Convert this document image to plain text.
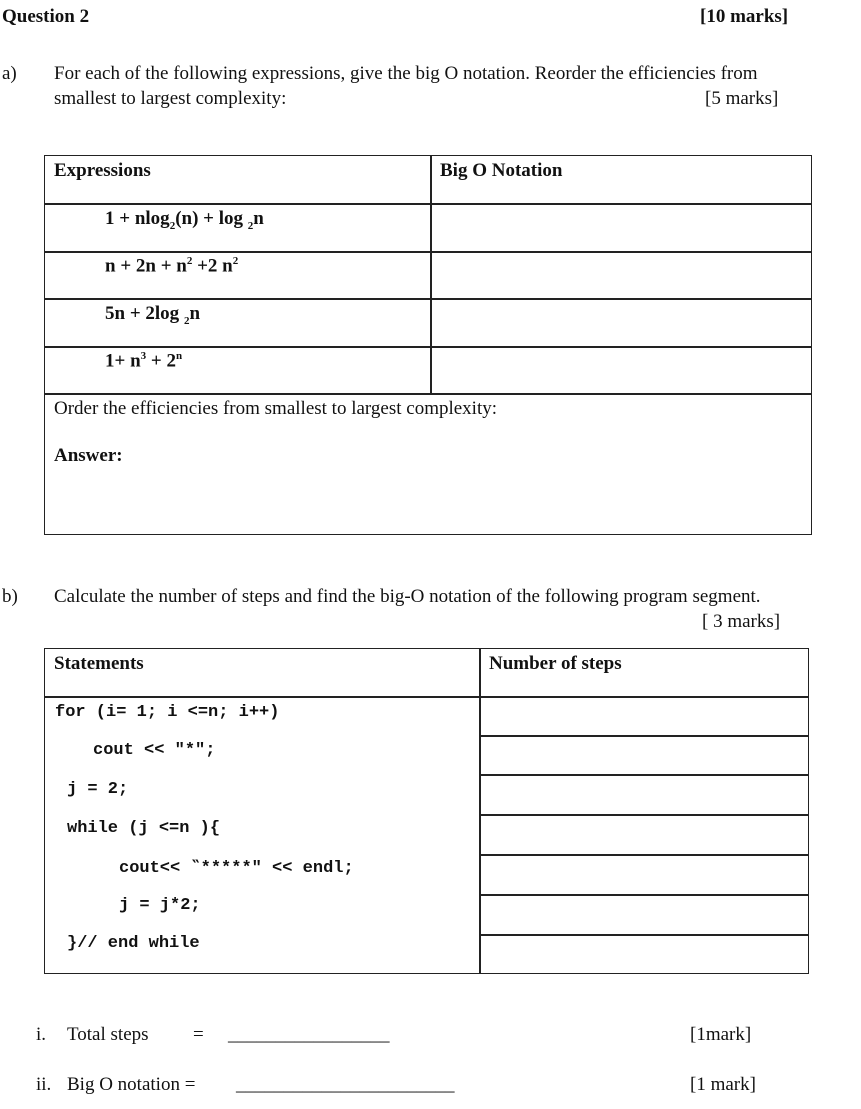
Question 2	[10 marks]
a) For each of the following expressions, give the big O notation. Reorder the efficiencies from
smallest to largest complexity:	[5 marks]
Expressions	Big O Notation
1 + nlog$_2$(n) + log $_2$n
$n + 2n + n^2 +2$ $n^2$
5n + 2log $_2$n
$1+ n^3 + 2^n$
Order the efficiencies from smallest to largest complexity:
Answer:
b) Calculate the number of steps and find the big-O notation of the following program segment.
[ 3 marks]
Statements	Number of steps
for (i= 1; i <=n; i++)
cout << ″*″;
j = 2;
while (j <=n ){
cout<< ‶*****″ << endl;
j = j*2;
}// end while
i. Total steps = _________________	[1mark]
ii. Big O notation = _______________________	[1 mark]
